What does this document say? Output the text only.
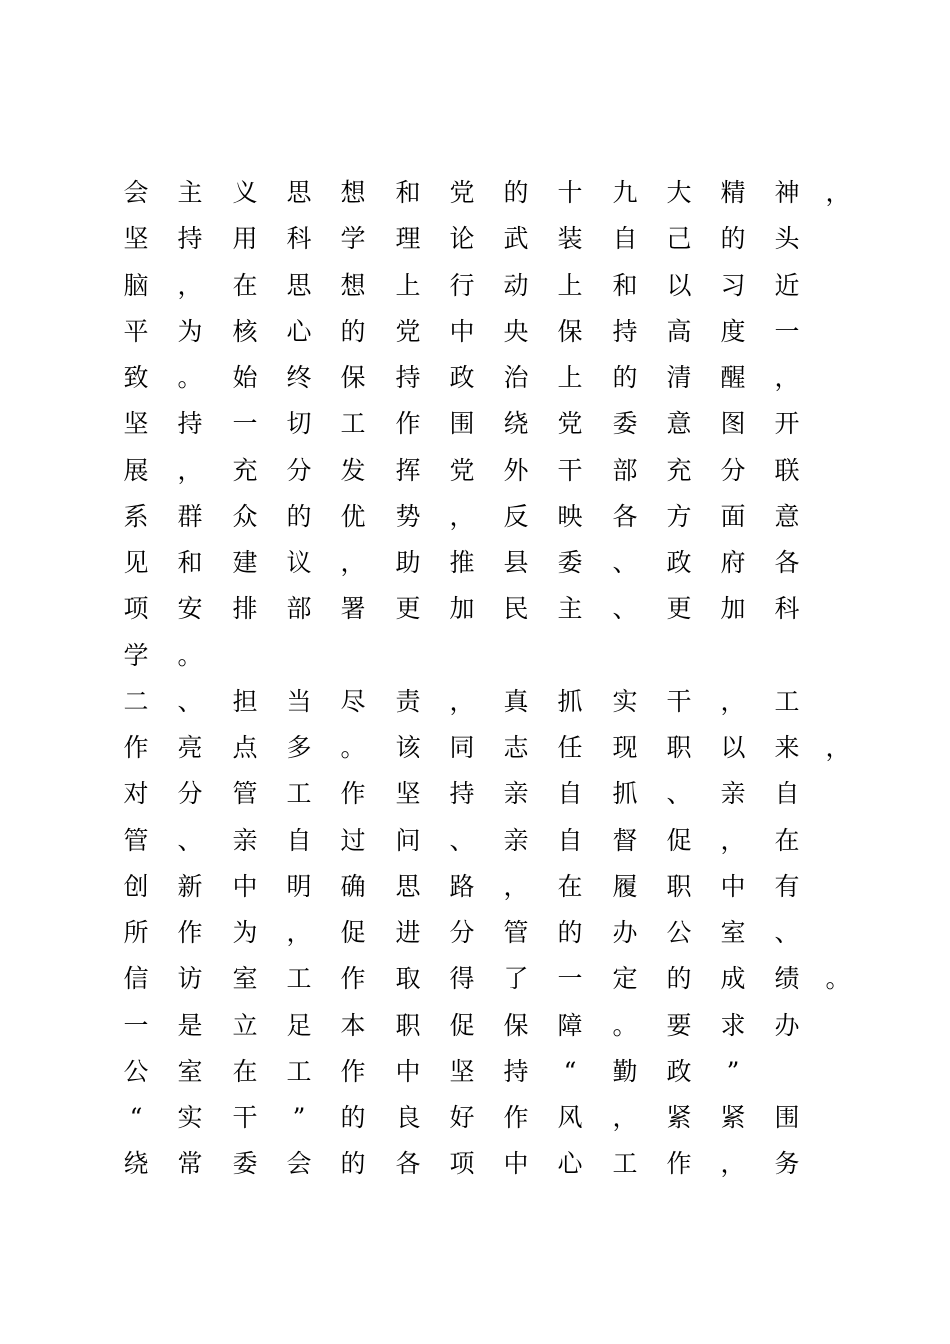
会	主	义	思	想	和	党	的	十	九	大	精	神	，
坚	持	用	科	学	理	论	武	装	自	己	的	头
脑	，	在	思	想	上	行	动	上	和	以	习	近
平	为	核	心	的	党	中	央	保	持	高	度	一
致	。	始	终	保	持	政	治	上	的	清	醒	，
坚	持	一	切	工	作	围	绕	党	委	意	图	开
展	，	充	分	发	挥	党	外	干	部	充	分	联
系	群	众	的	优	势	，	反	映	各	方	面	意
见	和	建	议	，	助	推	县	委	、	政	府	各
项	安	排	部	署	更	加	民	主	、	更	加	科
学	。
二	、	担	当	尽	责	，	真	抓	实	干	，	工
作	亮	点	多	。	该	同	志	任	现	职	以	来	，
对	分	管	工	作	坚	持	亲	自	抓	、	亲	自
管	、	亲	自	过	问	、	亲	自	督	促	，	在
创	新	中	明	确	思	路	，	在	履	职	中	有
所	作	为	，	促	进	分	管	的	办	公	室	、
信	访	室	工	作	取	得	了	一	定	的	成	绩	。
一	是	立	足	本	职	促	保	障	。	要	求	办
公	室	在	工	作	中	坚	持	“	勤	政	”
“	实	干	”	的	良	好	作	风	，	紧	紧	围
绕	常	委	会	的	各	项	中	心	工	作	，	务
